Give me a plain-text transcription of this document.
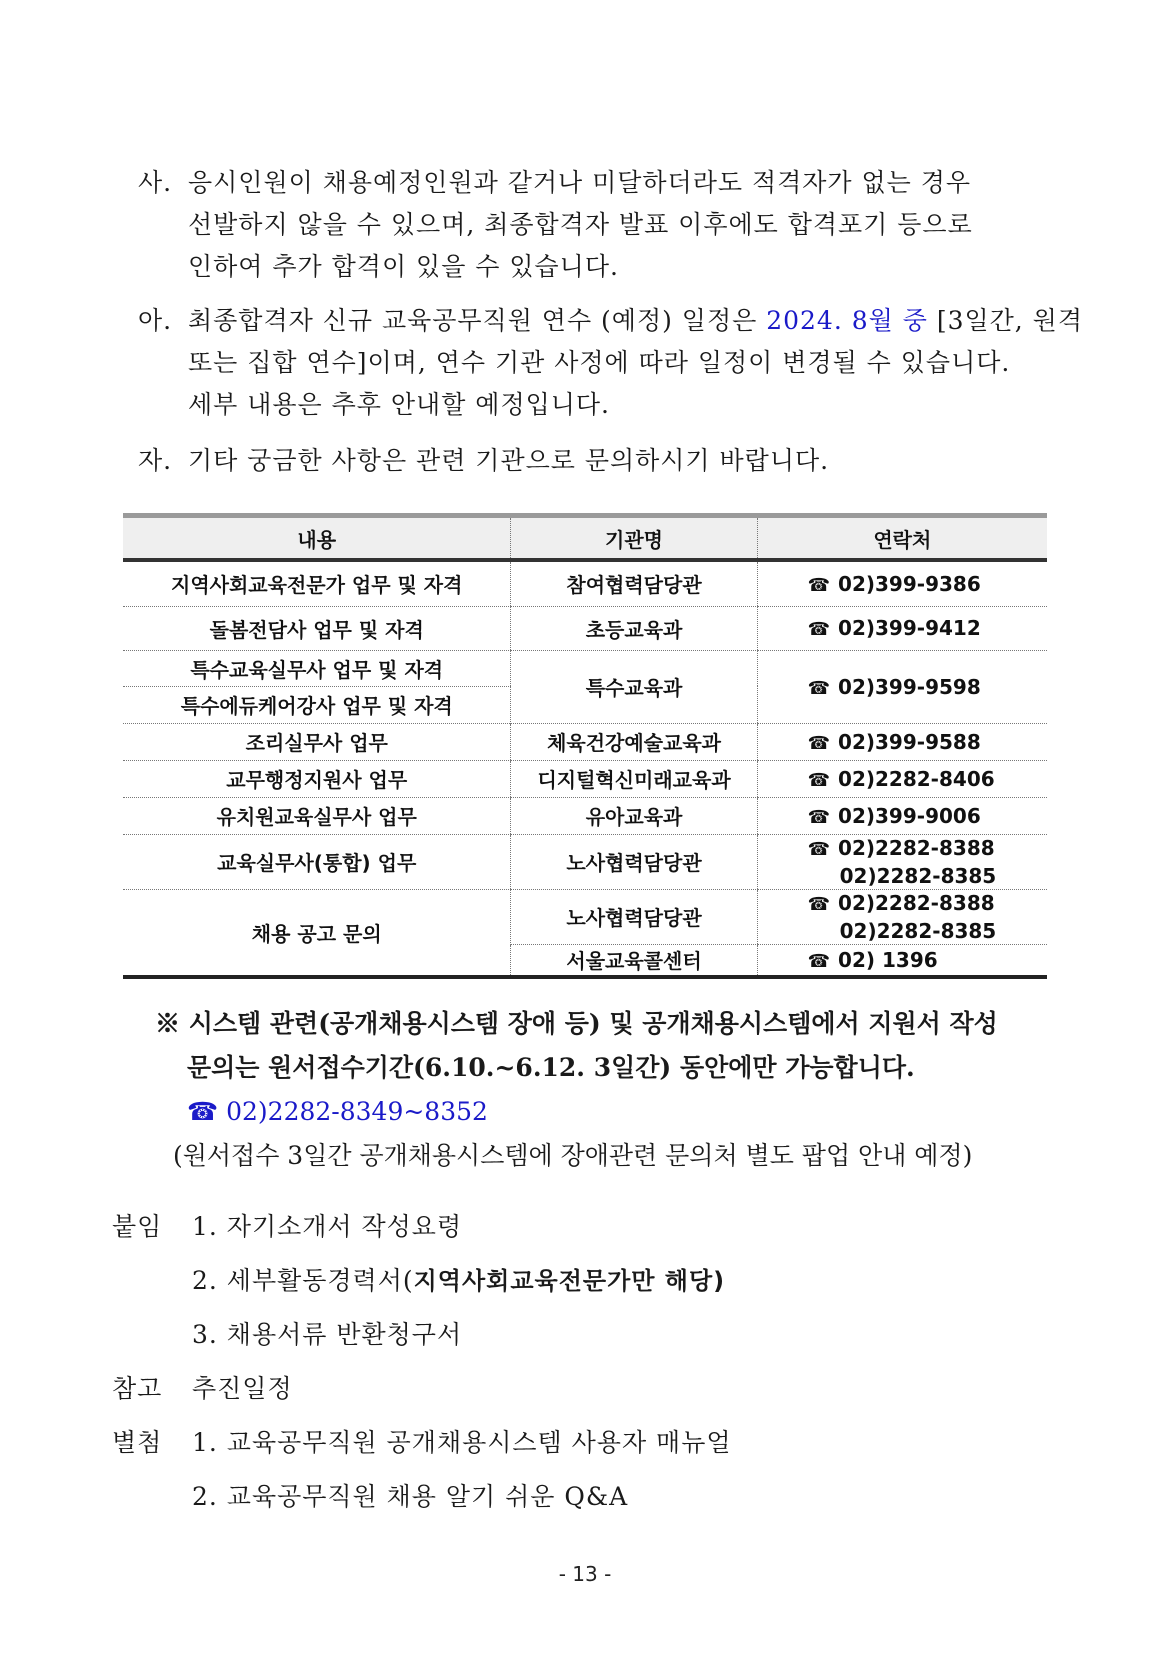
사. 응시인원이 채용예정인원과 같거나 미달하더라도 적격자가 없는 경우
선발하지 않을 수 있으며, 최종합격자 발표 이후에도 합격포기 등으로
인하여 추가 합격이 있을 수 있습니다.
아. 최종합격자 신규 교육공무직원 연수 (예정) 일정은 2024. 8월 중 [3일간, 원격
또는 집합 연수]이며, 연수 기관 사정에 따라 일정이 변경될 수 있습니다.
세부 내용은 추후 안내할 예정입니다.
자. 기타 궁금한 사항은 관련 기관으로 문의하시기 바랍니다.
내용	기관명	연락처
지역사회교육전문가 업무 및 자격	참여협력담당관	☎ 02)399-9386
돌봄전담사 업무 및 자격	초등교육과	☎ 02)399-9412
특수교육실무사 업무 및 자격	특수교육과	☎ 02)399-9598
특수에듀케어강사 업무 및 자격		
조리실무사 업무	체육건강예술교육과	☎ 02)399-9588
교무행정지원사 업무	디지털혁신미래교육과	☎ 02)2282-8406
유치원교육실무사 업무	유아교육과	☎ 02)399-9006
교육실무사(통합) 업무	노사협력담당관	☎ 02)2282-8388
02)2282-8385

채용 공고 문의	노사협력담당관	☎ 02)2282-8388
02)2282-8385

	서울교육콜센터	☎ 02) 1396
※ 시스템 관련(공개채용시스템 장애 등) 및 공개채용시스템에서 지원서 작성
문의는 원서접수기간(6.10.~6.12. 3일간) 동안에만 가능합니다.
☎ 02)2282-8349~8352
(원서접수 3일간 공개채용시스템에 장애관련 문의처 별도 팝업 안내 예정)
붙임 1. 자기소개서 작성요령
2. 세부활동경력서(지역사회교육전문가만 해당)
3. 채용서류 반환청구서
참고 추진일정
별첨 1. 교육공무직원 공개채용시스템 사용자 매뉴얼
2. 교육공무직원 채용 알기 쉬운 Q&A
- 13 -
